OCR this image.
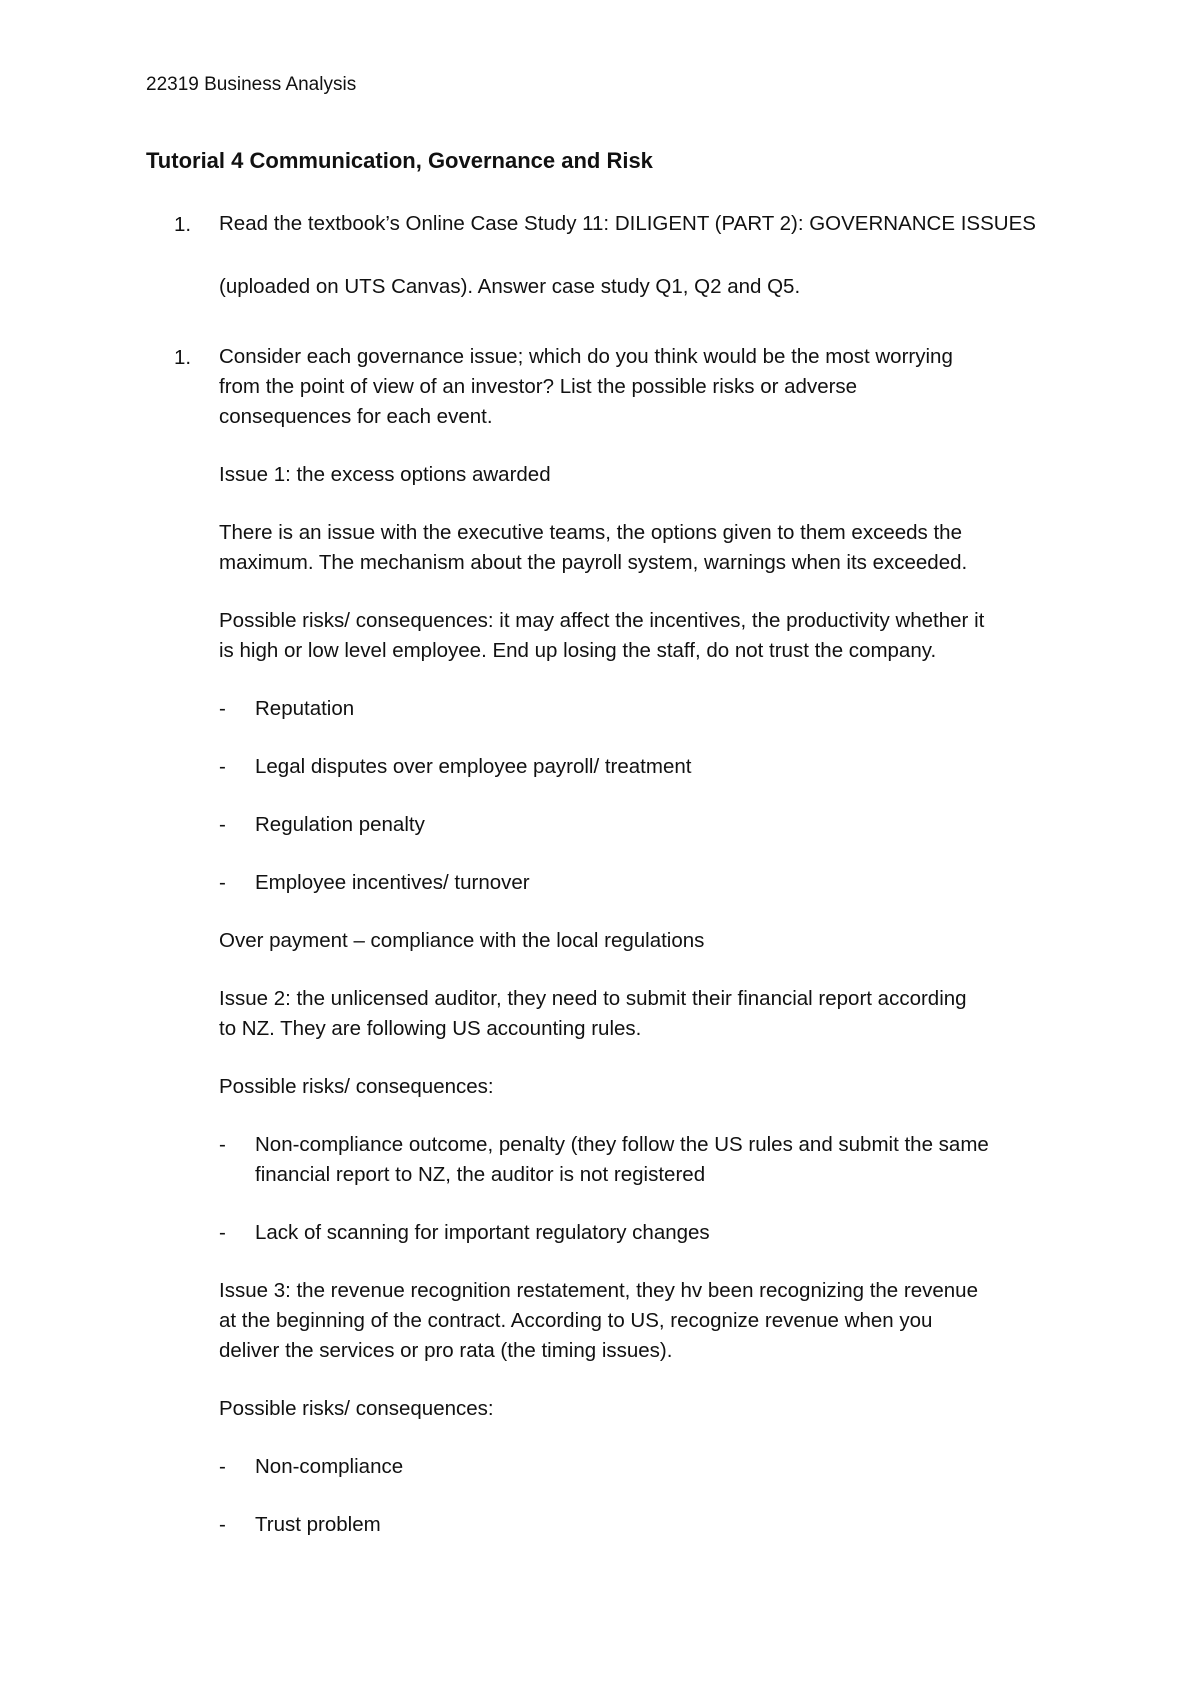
22319 Business Analysis
Tutorial 4 Communication, Governance and Risk
1. Read the textbook’s Online Case Study 11: DILIGENT (PART 2): GOVERNANCE ISSUES
(uploaded on UTS Canvas). Answer case study Q1, Q2 and Q5.
1. Consider each governance issue; which do you think would be the most worrying
from the point of view of an investor? List the possible risks or adverse
consequences for each event.
Issue 1: the excess options awarded
There is an issue with the executive teams, the options given to them exceeds the
maximum. The mechanism about the payroll system, warnings when its exceeded.
Possible risks/ consequences: it may affect the incentives, the productivity whether it
is high or low level employee. End up losing the staff, do not trust the company.
- Reputation
- Legal disputes over employee payroll/ treatment
- Regulation penalty
- Employee incentives/ turnover
Over payment – compliance with the local regulations
Issue 2: the unlicensed auditor, they need to submit their financial report according
to NZ. They are following US accounting rules.
Possible risks/ consequences:
- Non-compliance outcome, penalty (they follow the US rules and submit the same
financial report to NZ, the auditor is not registered
- Lack of scanning for important regulatory changes
Issue 3: the revenue recognition restatement, they hv been recognizing the revenue
at the beginning of the contract. According to US, recognize revenue when you
deliver the services or pro rata (the timing issues).
Possible risks/ consequences:
- Non-compliance
- Trust problem
